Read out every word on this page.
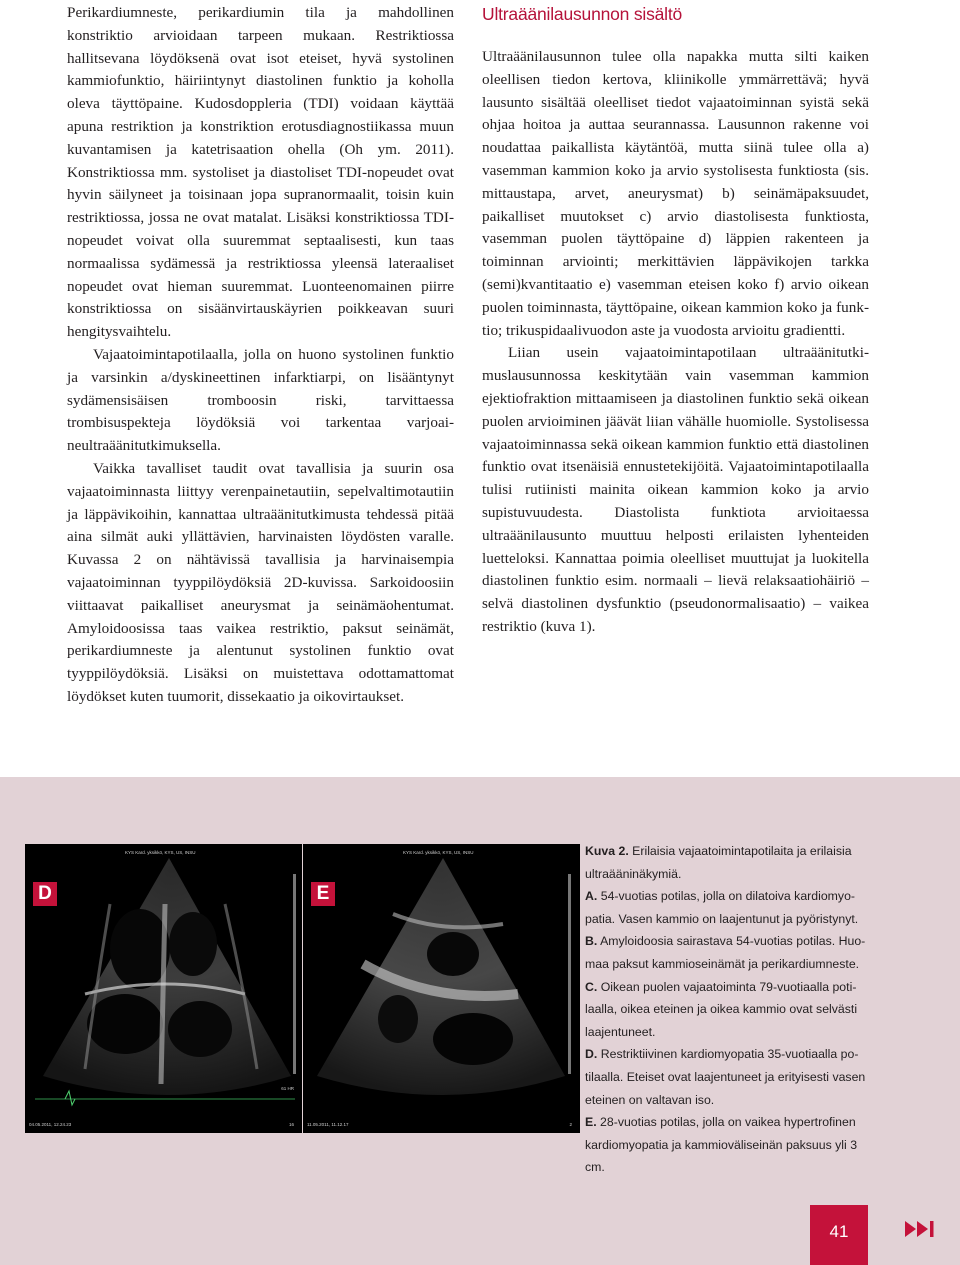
Perikardiumneste, perikardiumin tila ja mahdollinen konstriktio arvioidaan tarpeen mukaan. Restriktiossa hallitsevana löydöksenä ovat isot eteiset, hyvä systolinen kammiofunktio, häiriintynyt diastolinen funktio ja koholla oleva täyttöpaine. Kudosdoppleria (TDI) voidaan käyttää apuna restriktion ja konstriktion erotusdiagnostiikassa muun kuvantamisen ja katetrisaation ohella (Oh ym. 2011). Konstriktiossa mm. systoliset ja diastoliset TDI-nopeudet ovat hyvin säilyneet ja toisinaan jopa supranormaalit, toisin kuin restriktiossa, jossa ne ovat matalat. Lisäksi konstriktiossa TDI-nopeudet voivat olla suuremmat septaalisesti, kun taas normaalissa sydämessä ja restriktiossa yleensä lateraaliset nopeudet ovat hieman suuremmat. Luonteenomainen piirre konstriktiossa on sisäänvirtauskäyrien poikkeavan suuri hengitysvaihtelu.

Vajaatoimintapotilaalla, jolla on huono systolinen funktio ja varsinkin a/dyskineettinen infarktiarpi, on lisääntynyt sydämensisäisen tromboosin riski, tarvittaessa trombisuspekteja löydöksiä voi tarkentaa varjoaineultraäänitutkimuksella.

Vaikka tavalliset taudit ovat tavallisia ja suurin osa vajaatoiminnasta liittyy verenpainetautiin, sepelvaltimotautiin ja läppävikoihin, kannattaa ultraäänitutkimusta tehdessä pitää aina silmät auki yllättävien, harvinaisten löydösten varalle. Kuvassa 2 on nähtävissä tavallisia ja harvinaisempia vajaatoiminnan tyyppilöydöksiä 2D-kuvissa. Sarkoidoosiin viittaavat paikalliset aneurysmat ja seinämäohentumat. Amyloidoosissa taas vaikea restriktio, paksut seinämät, perikardiumneste ja alentunut systolinen funktio ovat tyyppilöydöksiä. Lisäksi on muistettava odottamattomat löydökset kuten tuumorit, dissekaatio ja oikovirtaukset.

Ultraäänilausunnon sisältö

Ultraäänilausunnon tulee olla napakka mutta silti kaiken oleellisen tiedon kertova, kliinikolle ymmärrettävä; hyvä lausunto sisältää oleelliset tiedot vajaatoiminnan syistä sekä ohjaa hoitoa ja auttaa seurannassa. Lausunnon rakenne voi noudattaa paikallista käytäntöä, mutta siinä tulee olla a) vasemman kammion koko ja arvio systolisesta funktiosta (sis. mittaustapa, arvet, aneurysmat) b) seinämäpaksuudet, paikalliset muutokset c) arvio diastolisesta funktiosta, vasemman puolen täyttöpaine d) läppien rakenteen ja toiminnan arviointi; merkittävien läppävikojen tarkka (semi)kvantitaatio e) vasemman eteisen koko f) arvio oikean puolen toiminnasta, täyttöpaine, oikean kammion koko ja funktio; trikuspidaalivuodon aste ja vuodosta arvioitu gradientti.

Liian usein vajaatoimintapotilaan ultraäänitutkimuslausunnossa keskitytään vain vasemman kammion ejektiofraktion mittaamiseen ja diastolinen funktio sekä oikean puolen arvioiminen jäävät liian vähälle huomiolle. Systolisessa vajaatoiminnassa sekä oikean kammion funktio että diastolinen funktio ovat itsenäisiä ennustetekijöitä. Vajaatoimintapotilaalla tulisi rutiinisti mainita oikean kammion koko ja arvio supistuvuudesta. Diastolista funktiota arvioitaessa ultraäänilausunto muuttuu helposti erilaisten lyhenteiden luetteloksi. Kannattaa poimia oleelliset muuttujat ja luokitella diastolinen funktio esim. normaali – lievä relaksaatiohäiriö – selvä diastolinen dysfunktio (pseudonormalisaatio) – vaikea restriktio (kuva 1).

D
KYS Kard. yksikkö, KYS, US, INSU
04.05.2011, 12.24.23	16
61 HR
E
KYS Kard. yksikkö, KYS, US, INSU
11.05.2011, 11.12.17	2

Kuva 2. Erilaisia vajaatoimintapotilaita ja erilaisia ultraääninäkymiä.

A. 54-vuotias potilas, jolla on dilatoiva kardiomyopatia. Vasen kammio on laajentunut ja pyöristynyt.

B. Amyloidoosia sairastava 54-vuotias potilas. Huomaa paksut kammioseinämät ja perikardiumneste.

C. Oikean puolen vajaatoiminta 79-vuotiaalla potilaalla, oikea eteinen ja oikea kammio ovat selvästi laajentuneet.

D. Restriktiivinen kardiomyopatia 35-vuotiaalla potilaalla. Eteiset ovat laajentuneet ja erityisesti vasen eteinen on valtavan iso.

E. 28-vuotias potilas, jolla on vaikea hypertrofinen kardiomyopatia ja kammioväliseinän paksuus yli 3 cm.

41
